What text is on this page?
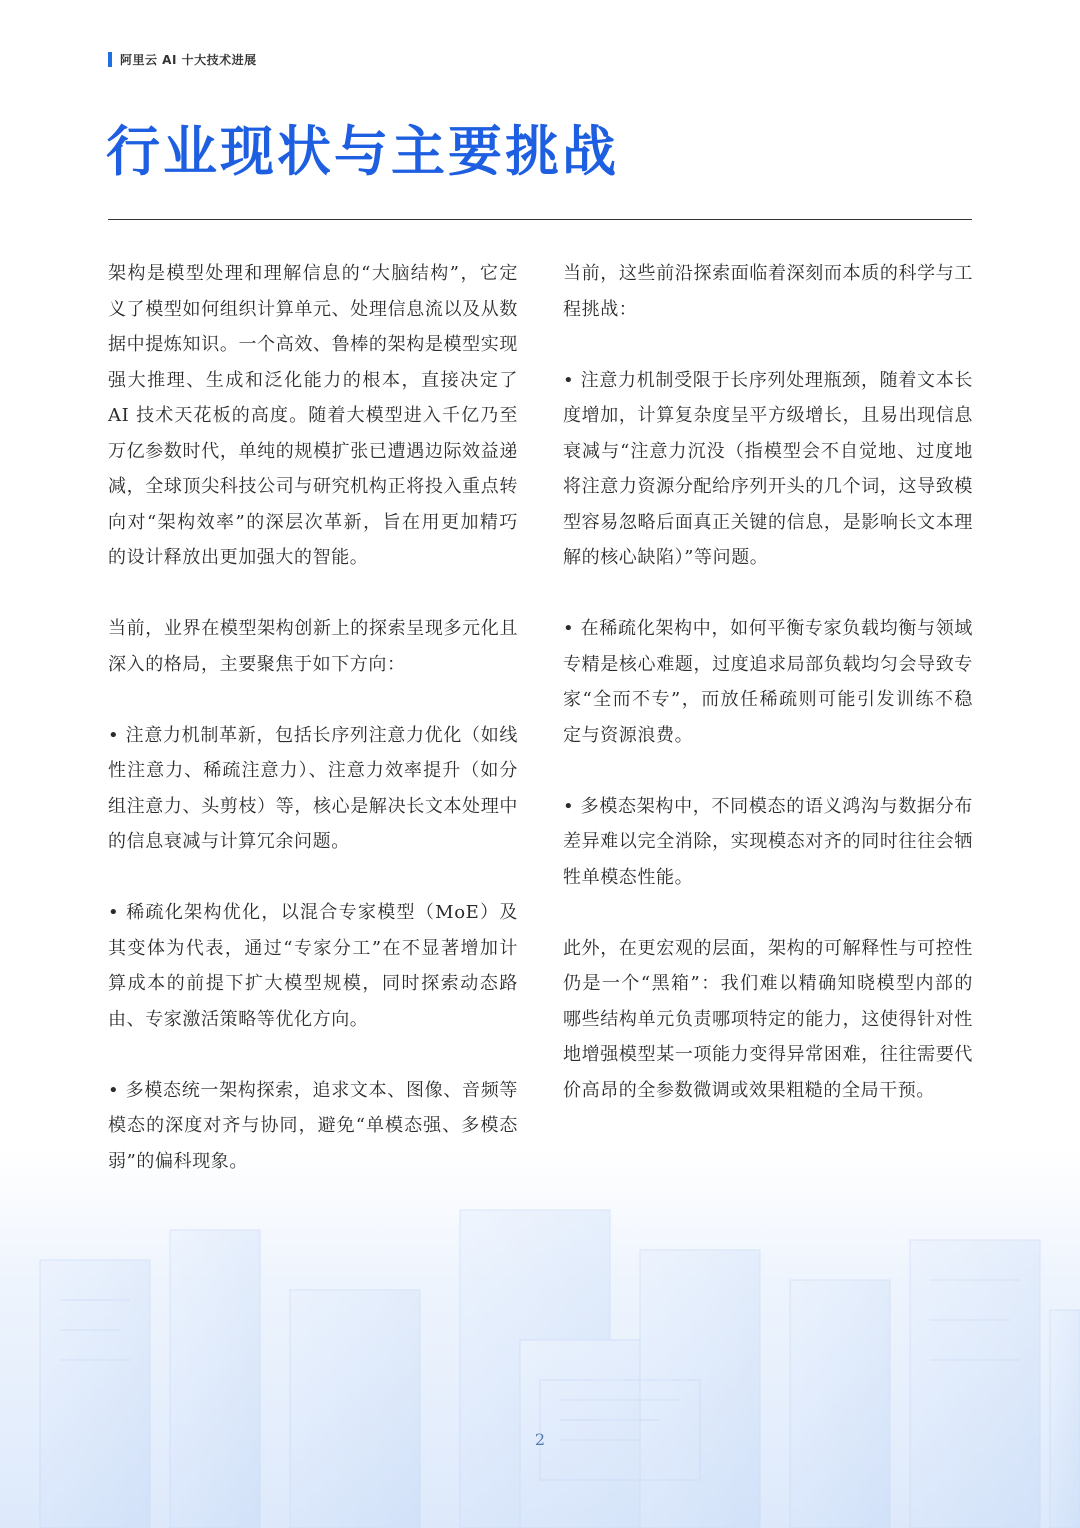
阿里云 AI 十大技术进展
行业现状与主要挑战

架构是模型处理和理解信息的“大脑结构”，它定义了模型如何组织计算单元、处理信息流以及从数据中提炼知识。一个高效、鲁棒的架构是模型实现强大推理、生成和泛化能力的根本，直接决定了 AI 技术天花板的高度。随着大模型进入千亿乃至万亿参数时代，单纯的规模扩张已遭遇边际效益递减，全球顶尖科技公司与研究机构正将投入重点转向对“架构效率”的深层次革新，旨在用更加精巧的设计释放出更加强大的智能。

当前，业界在模型架构创新上的探索呈现多元化且深入的格局，主要聚焦于如下方向：

• 注意力机制革新，包括长序列注意力优化（如线性注意力、稀疏注意力）、注意力效率提升（如分组注意力、头剪枝）等，核心是解决长文本处理中的信息衰减与计算冗余问题。

• 稀疏化架构优化，以混合专家模型（MoE）及其变体为代表，通过“专家分工”在不显著增加计算成本的前提下扩大模型规模，同时探索动态路由、专家激活策略等优化方向。

• 多模态统一架构探索，追求文本、图像、音频等模态的深度对齐与协同，避免“单模态强、多模态弱”的偏科现象。

当前，这些前沿探索面临着深刻而本质的科学与工程挑战：

• 注意力机制受限于长序列处理瓶颈，随着文本长度增加，计算复杂度呈平方级增长，且易出现信息衰减与“注意力沉没（指模型会不自觉地、过度地将注意力资源分配给序列开头的几个词，这导致模型容易忽略后面真正关键的信息，是影响长文本理解的核心缺陷）”等问题。

• 在稀疏化架构中，如何平衡专家负载均衡与领域专精是核心难题，过度追求局部负载均匀会导致专家“全而不专”，而放任稀疏则可能引发训练不稳定与资源浪费。

• 多模态架构中，不同模态的语义鸿沟与数据分布差异难以完全消除，实现模态对齐的同时往往会牺牲单模态性能。

此外，在更宏观的层面，架构的可解释性与可控性仍是一个“黑箱”：我们难以精确知晓模型内部的哪些结构单元负责哪项特定的能力，这使得针对性地增强模型某一项能力变得异常困难，往往需要代价高昂的全参数微调或效果粗糙的全局干预。

2
